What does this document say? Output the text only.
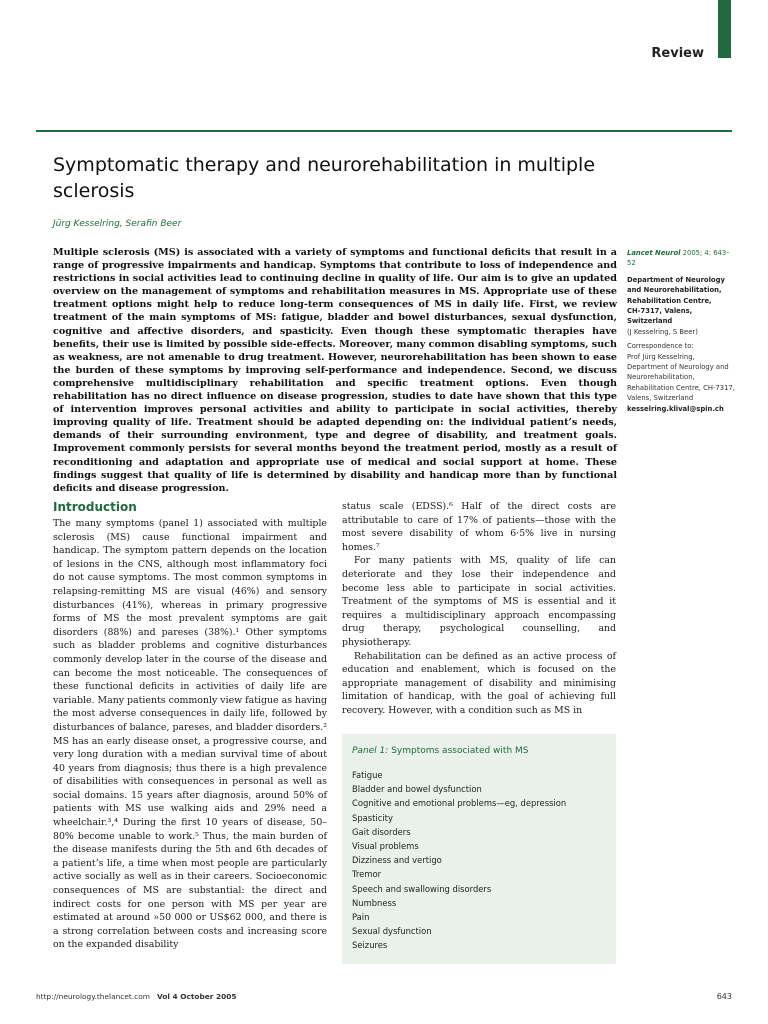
Review
Symptomatic therapy and neurorehabilitation in multiple sclerosis
Jürg Kesselring, Serafin Beer

Multiple sclerosis (MS) is associated with a variety of symptoms and functional deficits that result in a range of progressive impairments and handicap. Symptoms that contribute to loss of independence and restrictions in social activities lead to continuing decline in quality of life. Our aim is to give an updated overview on the management of symptoms and rehabilitation measures in MS. Appropriate use of these treatment options might help to reduce long-term consequences of MS in daily life. First, we review treatment of the main symptoms of MS: fatigue, bladder and bowel disturbances, sexual dysfunction, cognitive and affective disorders, and spasticity. Even though these symptomatic therapies have benefits, their use is limited by possible side-effects. Moreover, many common disabling symptoms, such as weakness, are not amenable to drug treatment. However, neurorehabilitation has been shown to ease the burden of these symptoms by improving self-performance and independence. Second, we discuss comprehensive multidisciplinary rehabilitation and specific treatment options. Even though rehabilitation has no direct influence on disease progression, studies to date have shown that this type of intervention improves personal activities and ability to participate in social activities, thereby improving quality of life. Treatment should be adapted depending on: the individual patient’s needs, demands of their surrounding environment, type and degree of disability, and treatment goals. Improvement commonly persists for several months beyond the treatment period, mostly as a result of reconditioning and adaptation and appropriate use of medical and social support at home. These findings suggest that quality of life is determined by disability and handicap more than by functional deficits and disease progression.

Lancet Neurol 2005; 4: 643–52

Department of Neurology and Neurorehabilitation,
Rehabilitation Centre,
CH-7317, Valens, Switzerland
(J Kesselring, S Beer)

Correspondence to:
Prof Jürg Kesselring, Department of Neurology and Neurorehabilitation, Rehabilitation Centre, CH-7317, Valens, Switzerland
kesselring.klival@spin.ch

Introduction

The many symptoms (panel 1) associated with multiple sclerosis (MS) cause functional impairment and handicap. The symptom pattern depends on the location of lesions in the CNS, although most inflammatory foci do not cause symptoms. The most common symptoms in relapsing-remitting MS are visual (46%) and sensory disturbances (41%), whereas in primary progressive forms of MS the most prevalent symptoms are gait disorders (88%) and pareses (38%).¹ Other symptoms such as bladder problems and cognitive disturbances commonly develop later in the course of the disease and can become the most noticeable. The consequences of these functional deficits in activities of daily life are variable. Many patients commonly view fatigue as having the most adverse consequences in daily life, followed by disturbances of balance, pareses, and bladder disorders.² MS has an early disease onset, a progressive course, and very long duration with a median survival time of about 40 years from diagnosis; thus there is a high prevalence of disabilities with consequences in personal as well as social domains. 15 years after diagnosis, around 50% of patients with MS use walking aids and 29% need a wheelchair.³,⁴ During the first 10 years of disease, 50–80% become unable to work.⁵ Thus, the main burden of the disease manifests during the 5th and 6th decades of a patient’s life, a time when most people are particularly active socially as well as in their careers. Socioeconomic consequences of MS are substantial: the direct and indirect costs for one person with MS per year are estimated at around »50 000 or US$62 000, and there is a strong correlation between costs and increasing score on the expanded disability

status scale (EDSS).⁶ Half of the direct costs are attributable to care of 17% of patients—those with the most severe disability of whom 6·5% live in nursing homes.⁷

For many patients with MS, quality of life can deteriorate and they lose their independence and become less able to participate in social activities. Treatment of the symptoms of MS is essential and it requires a multidisciplinary approach encompassing drug therapy, psychological counselling, and physiotherapy.

Rehabilitation can be defined as an active process of education and enablement, which is focused on the appropriate management of disability and minimising limitation of handicap, with the goal of achieving full recovery. However, with a condition such as MS in

Panel 1: Symptoms associated with MS
Fatigue
Bladder and bowel dysfunction
Cognitive and emotional problems—eg, depression
Spasticity
Gait disorders
Visual problems
Dizziness and vertigo
Tremor
Speech and swallowing disorders
Numbness
Pain
Sexual dysfunction
Seizures
http://neurology.thelancet.com Vol 4 October 2005	643
